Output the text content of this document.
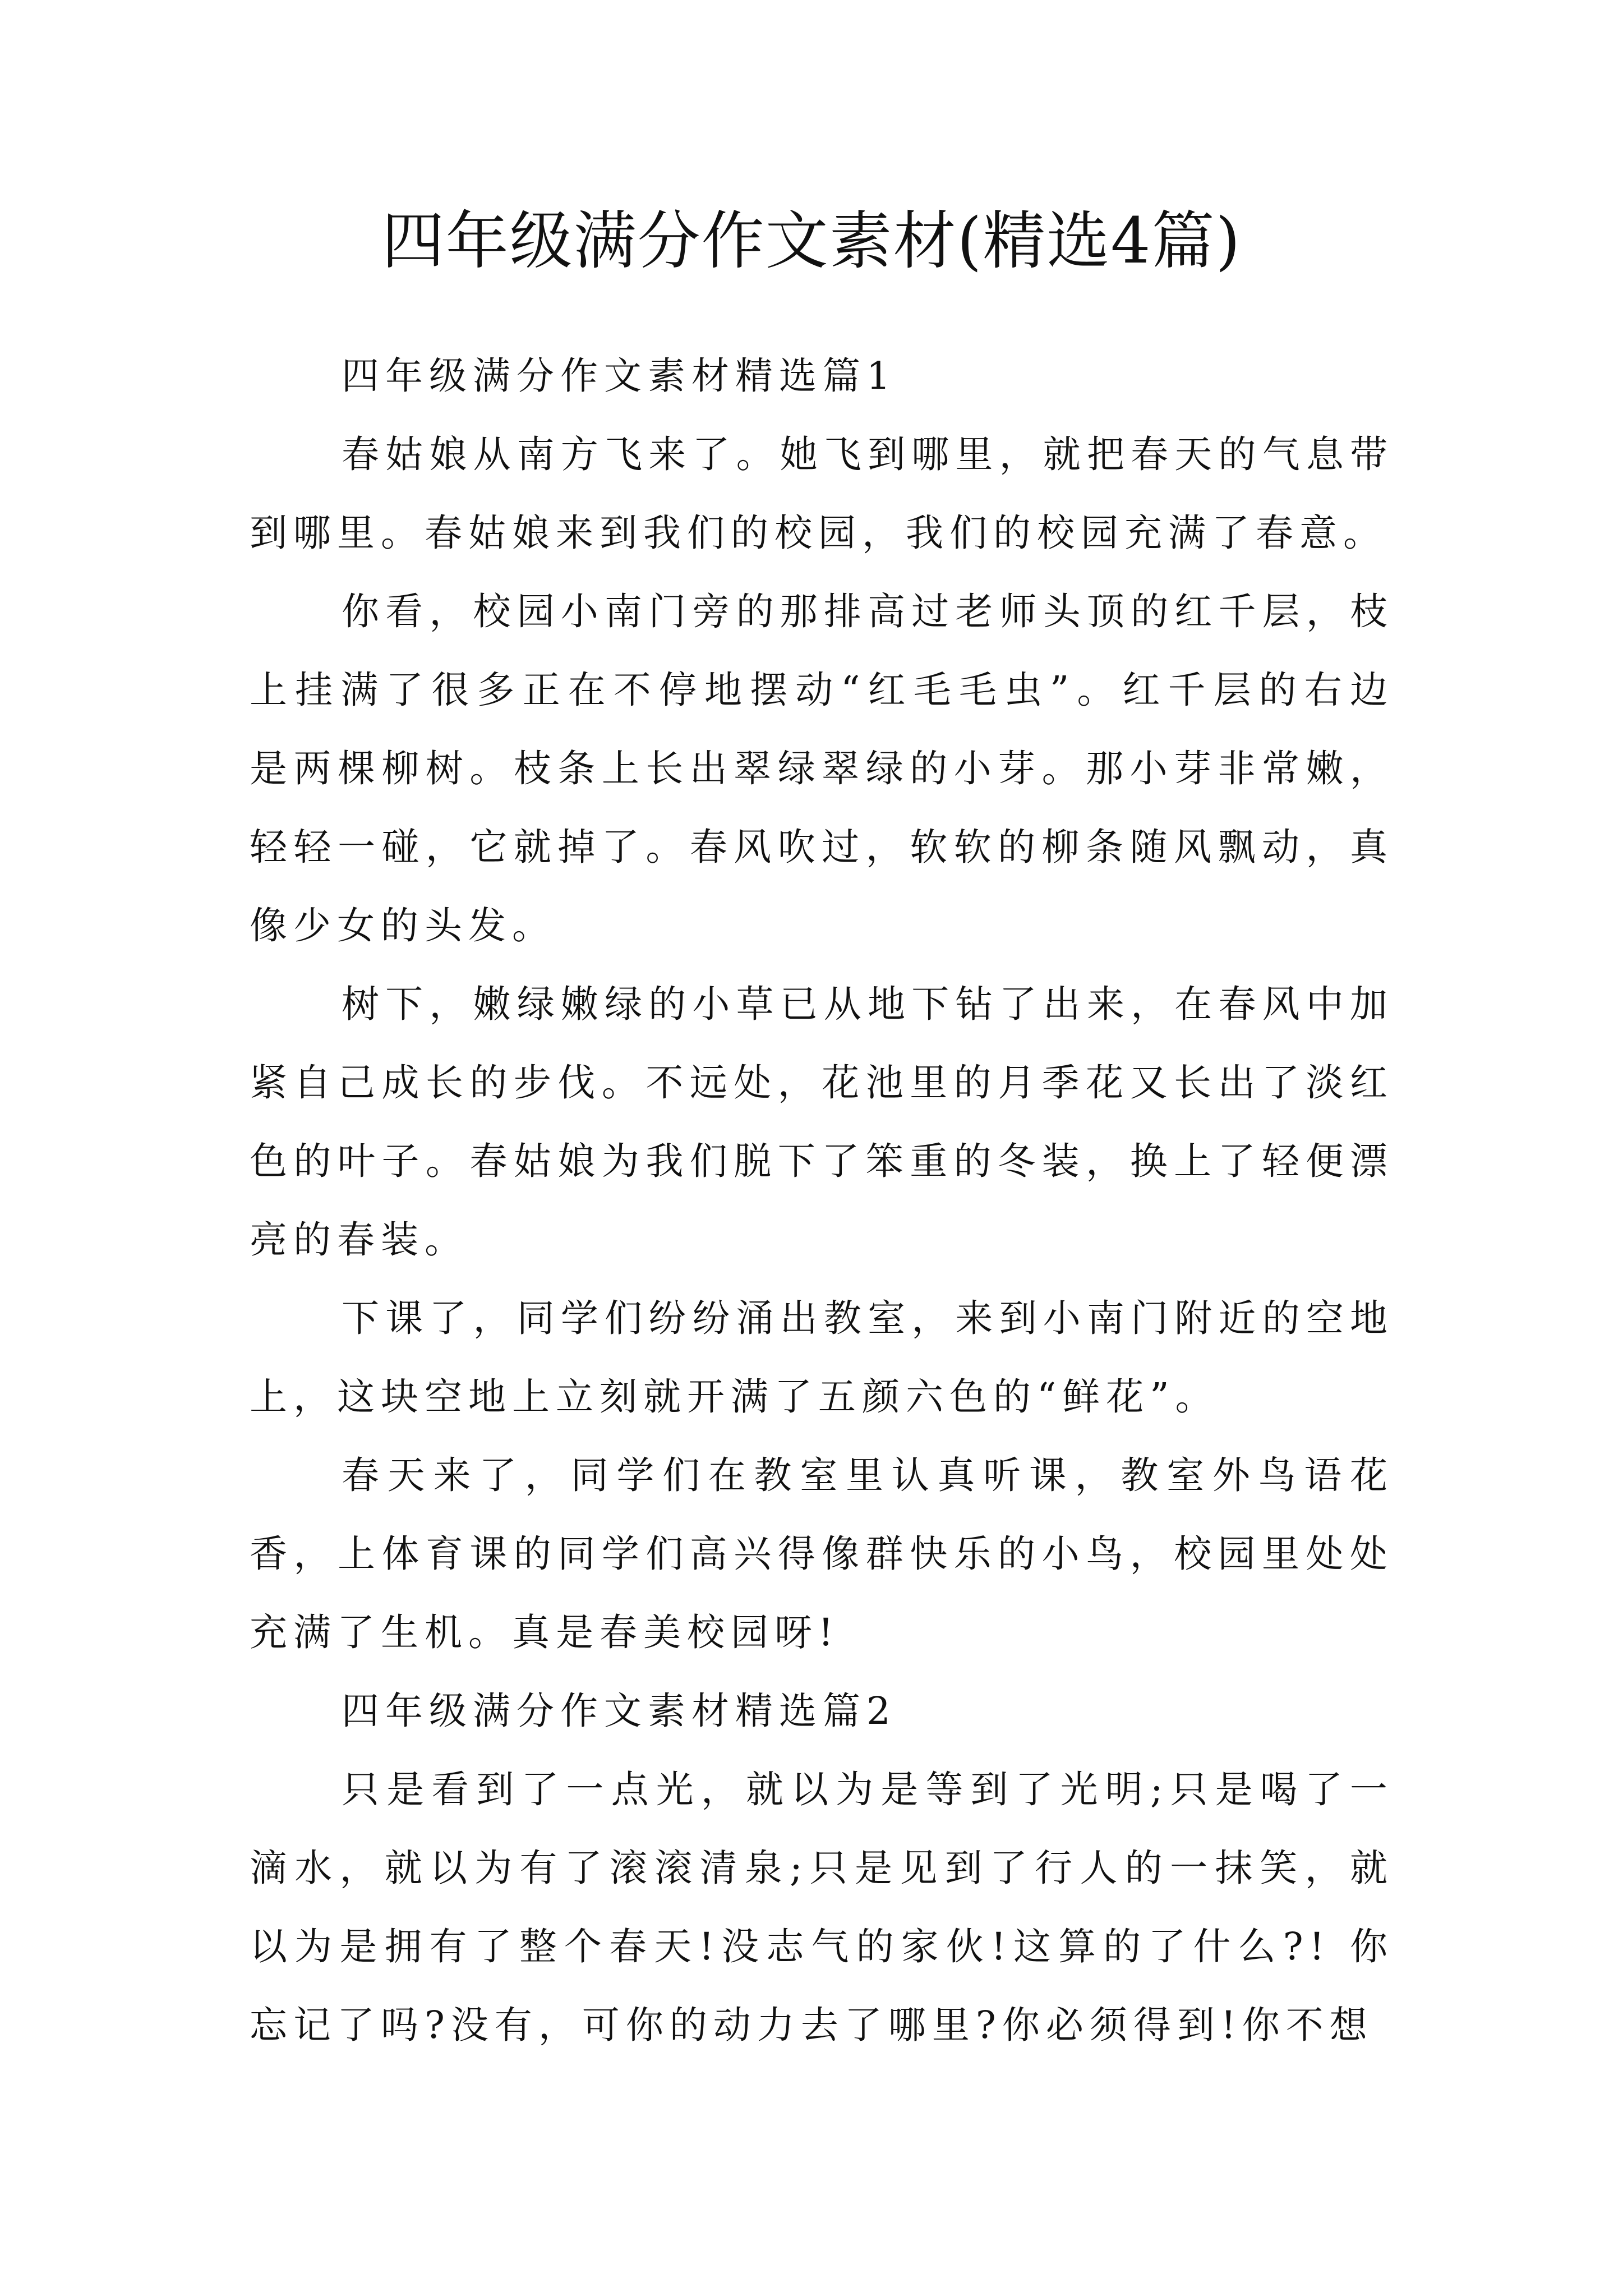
四年级满分作文素材(精选4篇)

四年级满分作文素材精选篇1

春姑娘从南方飞来了。她飞到哪里，就把春天的气息带到哪里。春姑娘来到我们的校园，我们的校园充满了春意。

你看，校园小南门旁的那排高过老师头顶的红千层，枝上挂满了很多正在不停地摆动“红毛毛虫”。红千层的右边是两棵柳树。枝条上长出翠绿翠绿的小芽。那小芽非常嫩，轻轻一碰，它就掉了。春风吹过，软软的柳条随风飘动，真像少女的头发。

树下，嫩绿嫩绿的小草已从地下钻了出来，在春风中加紧自己成长的步伐。不远处，花池里的月季花又长出了淡红色的叶子。春姑娘为我们脱下了笨重的冬装，换上了轻便漂亮的春装。

下课了，同学们纷纷涌出教室，来到小南门附近的空地上，这块空地上立刻就开满了五颜六色的“鲜花”。

春天来了，同学们在教室里认真听课，教室外鸟语花香，上体育课的同学们高兴得像群快乐的小鸟，校园里处处充满了生机。真是春美校园呀!

四年级满分作文素材精选篇2

只是看到了一点光，就以为是等到了光明;只是喝了一滴水，就以为有了滚滚清泉;只是见到了行人的一抹笑，就以为是拥有了整个春天!没志气的家伙!这算的了什么?! 你忘记了吗?没有，可你的动力去了哪里?你必须得到!你不想
